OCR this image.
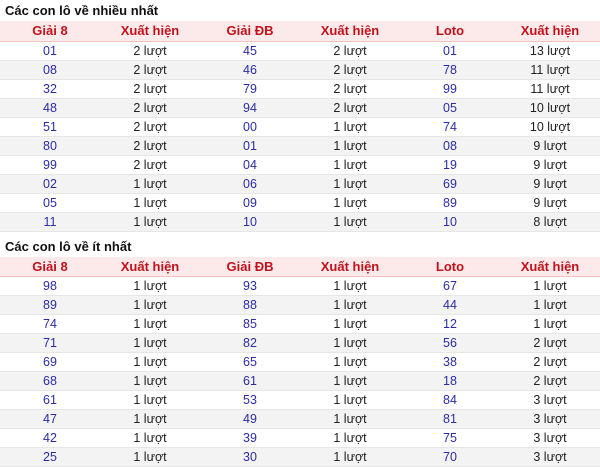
Các con lô về nhiều nhất
Giải 8	Xuất hiện	Giải ĐB	Xuất hiện	Loto	Xuất hiện
01	2 lượt	45	2 lượt	01	13 lượt
08	2 lượt	46	2 lượt	78	11 lượt
32	2 lượt	79	2 lượt	99	11 lượt
48	2 lượt	94	2 lượt	05	10 lượt
51	2 lượt	00	1 lượt	74	10 lượt
80	2 lượt	01	1 lượt	08	9 lượt
99	2 lượt	04	1 lượt	19	9 lượt
02	1 lượt	06	1 lượt	69	9 lượt
05	1 lượt	09	1 lượt	89	9 lượt
11	1 lượt	10	1 lượt	10	8 lượt
Các con lô về ít nhất
Giải 8	Xuất hiện	Giải ĐB	Xuất hiện	Loto	Xuất hiện
98	1 lượt	93	1 lượt	67	1 lượt
89	1 lượt	88	1 lượt	44	1 lượt
74	1 lượt	85	1 lượt	12	1 lượt
71	1 lượt	82	1 lượt	56	2 lượt
69	1 lượt	65	1 lượt	38	2 lượt
68	1 lượt	61	1 lượt	18	2 lượt
61	1 lượt	53	1 lượt	84	3 lượt
47	1 lượt	49	1 lượt	81	3 lượt
42	1 lượt	39	1 lượt	75	3 lượt
25	1 lượt	30	1 lượt	70	3 lượt
